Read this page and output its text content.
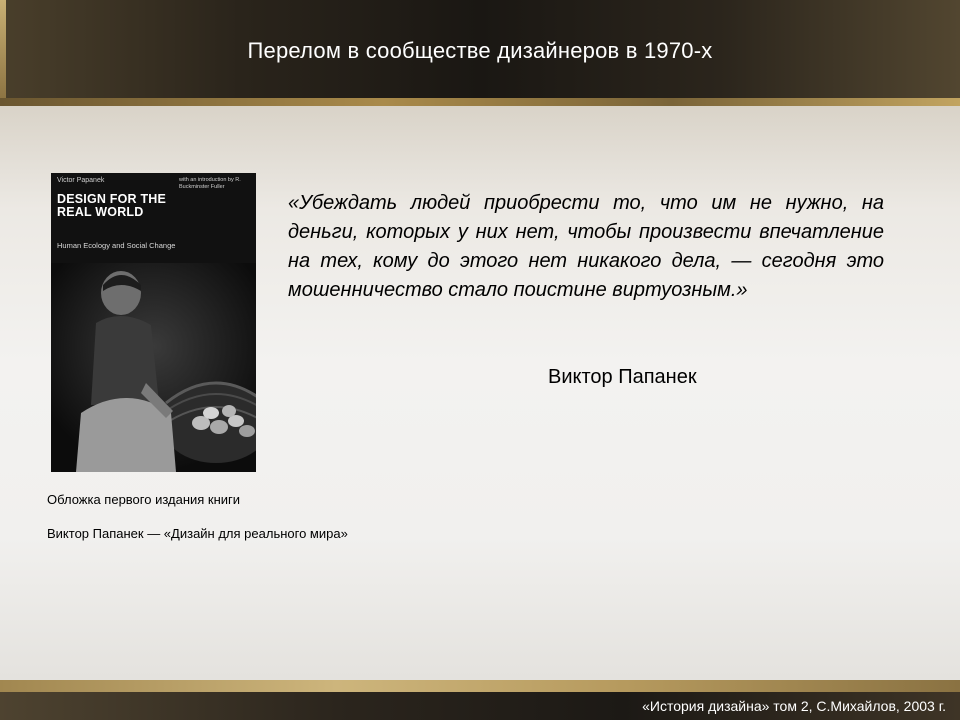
Перелом в сообществе дизайнеров в 1970-х
Victor Papanek	with an introduction by R. Buckminster Fuller
DESIGN FOR THE REAL WORLD
Human Ecology and Social Change
Обложка первого издания книги
Виктор Папанек — «Дизайн для реального мира»
«Убеждать людей приобрести то, что им не нужно, на деньги, которых у них нет, чтобы произвести впечатление на тех, кому до этого нет никакого дела, — сегодня это мошенничество стало поистине виртуозным.»
Виктор Папанек
«История дизайна» том 2, С.Михайлов, 2003 г.
